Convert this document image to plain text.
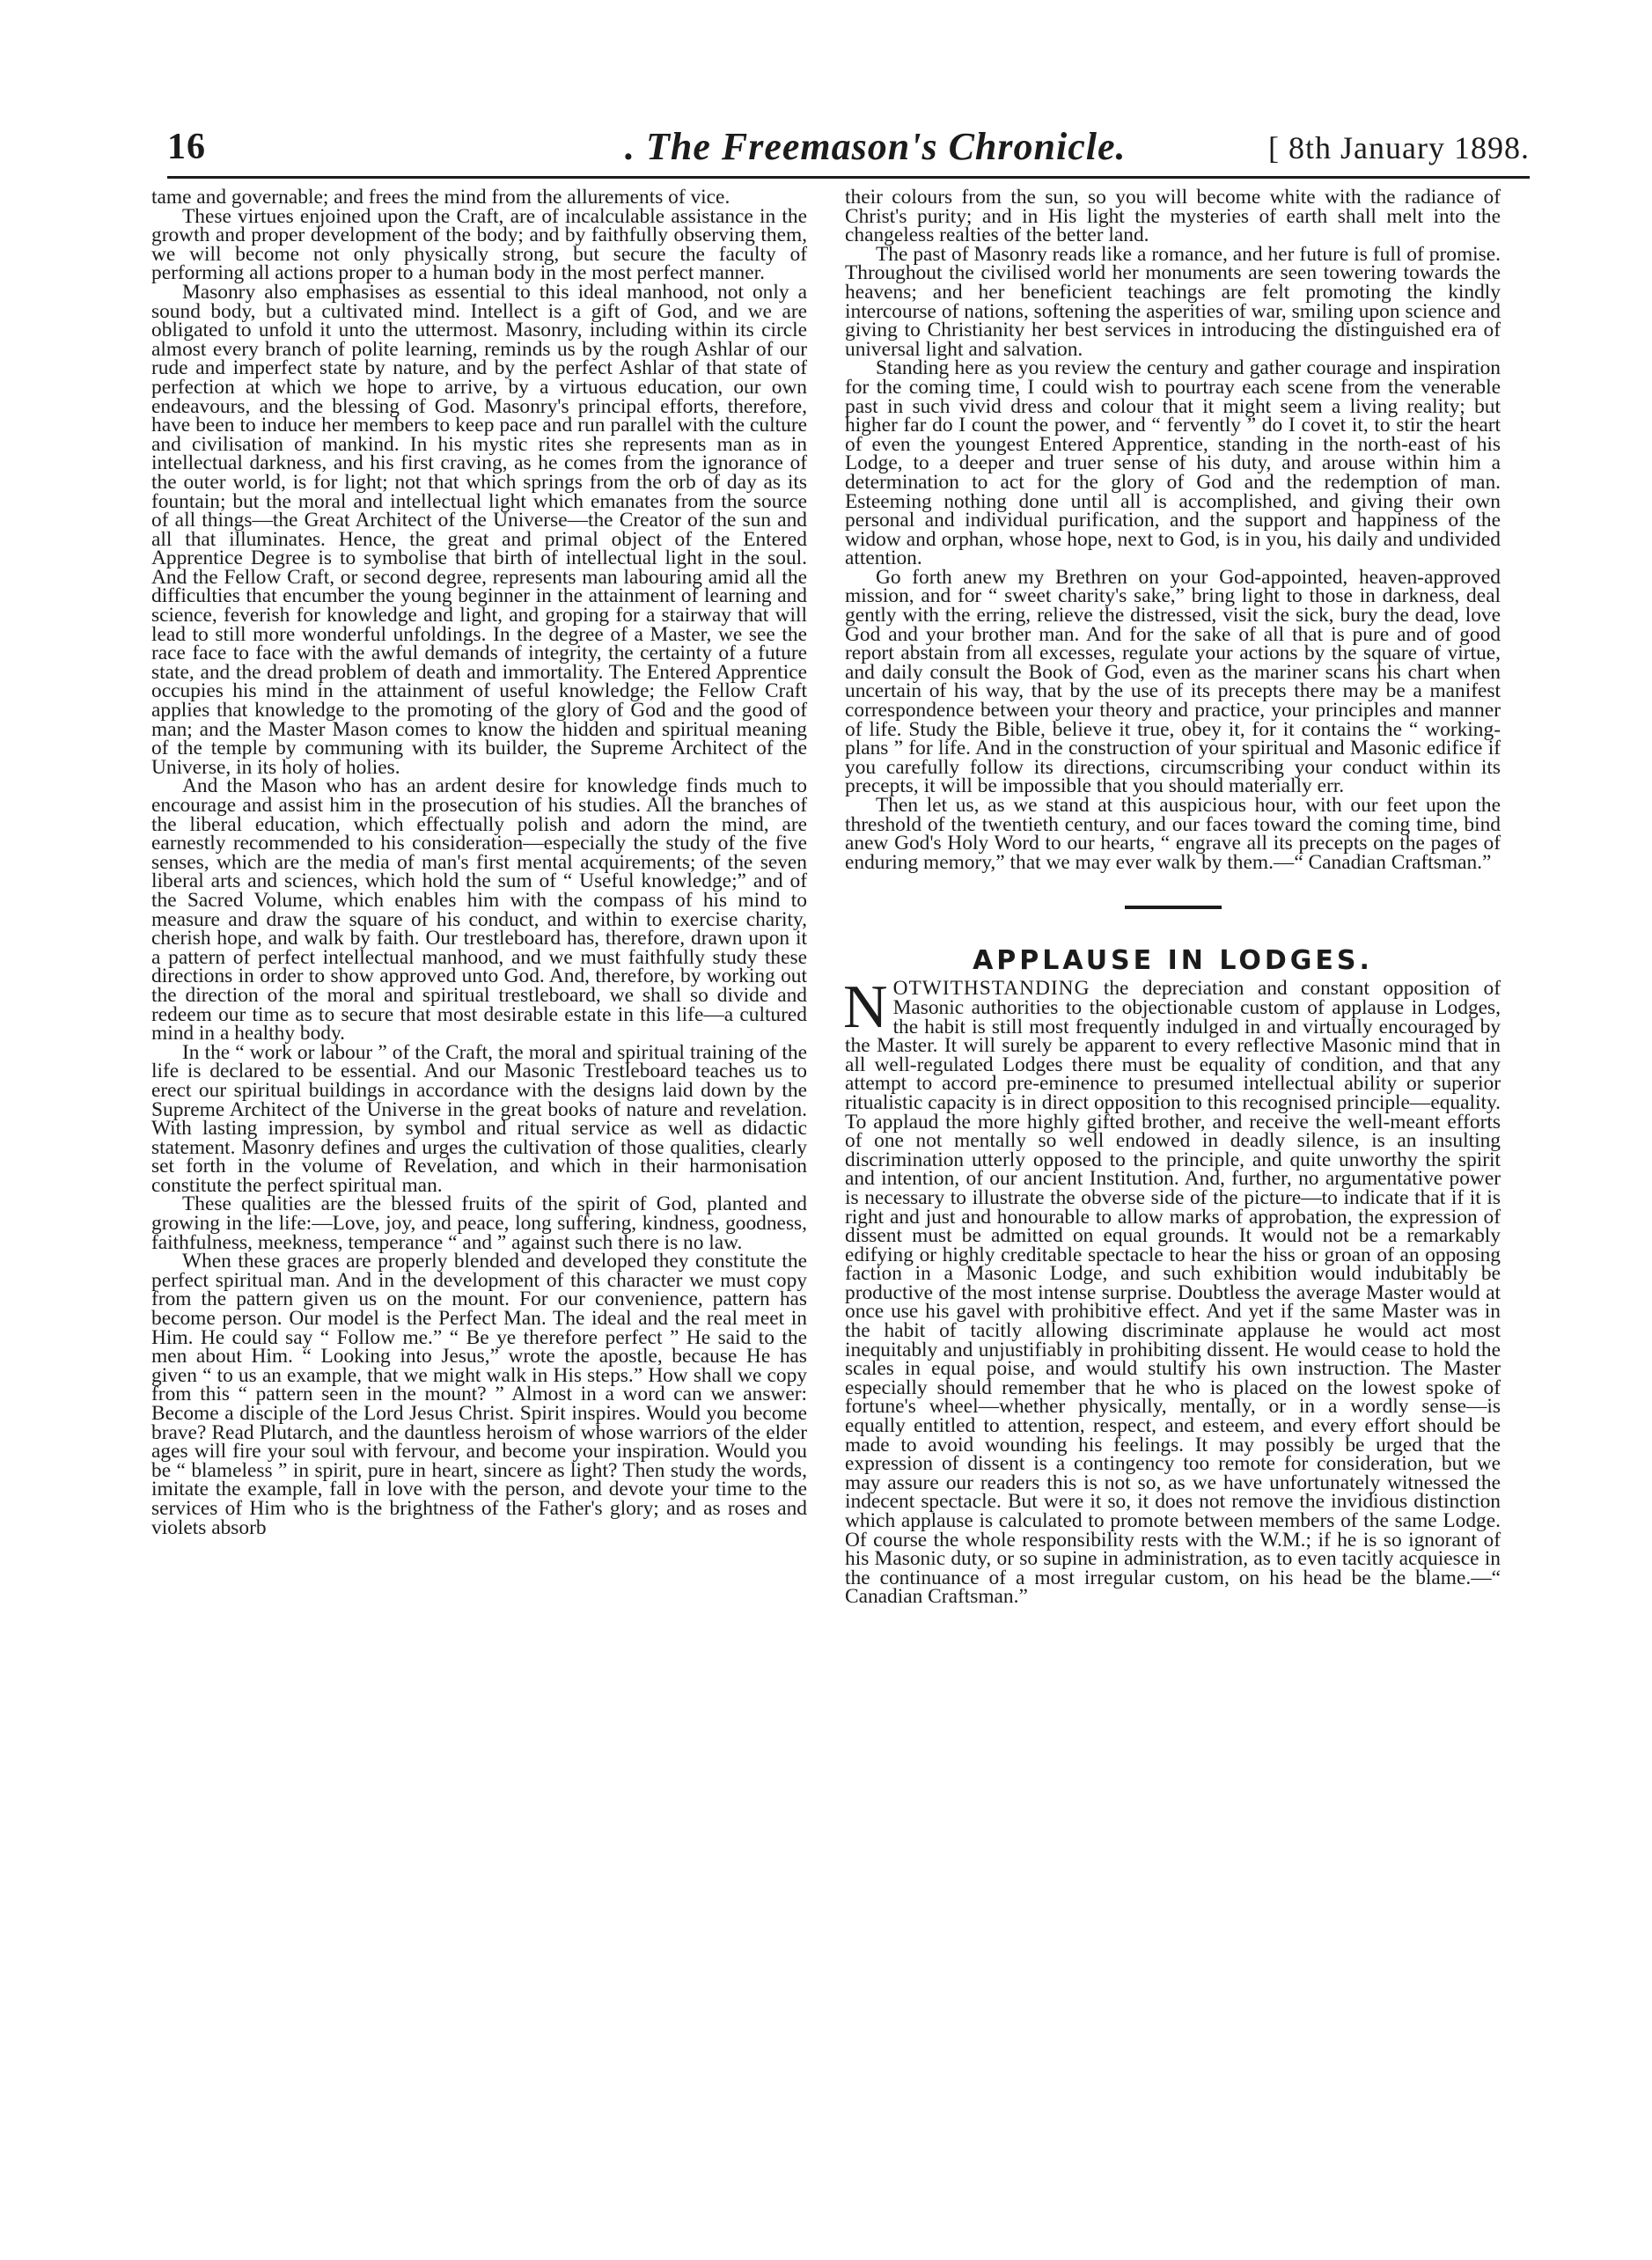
16	. The Freemason's Chronicle.	[ 8th January 1898.

tame and governable; and frees the mind from the allurements of vice.

These virtues enjoined upon the Craft, are of incalculable assistance in the growth and proper development of the body; and by faithfully observing them, we will become not only physically strong, but secure the faculty of performing all actions proper to a human body in the most perfect manner.

Masonry also emphasises as essential to this ideal manhood, not only a sound body, but a cultivated mind. Intellect is a gift of God, and we are obligated to unfold it unto the uttermost. Masonry, including within its circle almost every branch of polite learning, reminds us by the rough Ashlar of our rude and imperfect state by nature, and by the perfect Ashlar of that state of perfection at which we hope to arrive, by a virtuous education, our own endeavours, and the blessing of God. Masonry's principal efforts, therefore, have been to induce her members to keep pace and run parallel with the culture and civilisation of mankind. In his mystic rites she represents man as in intellectual darkness, and his first craving, as he comes from the ignorance of the outer world, is for light; not that which springs from the orb of day as its fountain; but the moral and intellectual light which emanates from the source of all things—the Great Architect of the Universe—the Creator of the sun and all that illuminates. Hence, the great and primal object of the Entered Apprentice Degree is to symbolise that birth of intellectual light in the soul. And the Fellow Craft, or second degree, represents man labouring amid all the difficulties that encumber the young beginner in the attainment of learning and science, feverish for knowledge and light, and groping for a stairway that will lead to still more wonderful unfoldings. In the degree of a Master, we see the race face to face with the awful demands of integrity, the certainty of a future state, and the dread problem of death and immortality. The Entered Apprentice occupies his mind in the attainment of useful knowledge; the Fellow Craft applies that knowledge to the promoting of the glory of God and the good of man; and the Master Mason comes to know the hidden and spiritual meaning of the temple by communing with its builder, the Supreme Architect of the Universe, in its holy of holies.

And the Mason who has an ardent desire for knowledge finds much to encourage and assist him in the prosecution of his studies. All the branches of the liberal education, which effectually polish and adorn the mind, are earnestly recommended to his consideration—especially the study of the five senses, which are the media of man's first mental acquirements; of the seven liberal arts and sciences, which hold the sum of “ Useful knowledge;” and of the Sacred Volume, which enables him with the compass of his mind to measure and draw the square of his conduct, and within to exercise charity, cherish hope, and walk by faith. Our trestleboard has, therefore, drawn upon it a pattern of perfect intellectual manhood, and we must faithfully study these directions in order to show approved unto God. And, therefore, by working out the direction of the moral and spiritual trestleboard, we shall so divide and redeem our time as to secure that most desirable estate in this life—a cultured mind in a healthy body.

In the “ work or labour ” of the Craft, the moral and spiritual training of the life is declared to be essential. And our Masonic Trestleboard teaches us to erect our spiritual buildings in accordance with the designs laid down by the Supreme Architect of the Universe in the great books of nature and revelation. With lasting impression, by symbol and ritual service as well as didactic statement. Masonry defines and urges the cultivation of those qualities, clearly set forth in the volume of Revelation, and which in their harmonisation constitute the perfect spiritual man.

These qualities are the blessed fruits of the spirit of God, planted and growing in the life:—Love, joy, and peace, long suffering, kindness, goodness, faithfulness, meekness, temperance “ and ” against such there is no law.

When these graces are properly blended and developed they constitute the perfect spiritual man. And in the development of this character we must copy from the pattern given us on the mount. For our convenience, pattern has become person. Our model is the Perfect Man. The ideal and the real meet in Him. He could say “ Follow me.” “ Be ye therefore perfect ” He said to the men about Him. “ Looking into Jesus,” wrote the apostle, because He has given “ to us an example, that we might walk in His steps.” How shall we copy from this “ pattern seen in the mount? ” Almost in a word can we answer: Become a disciple of the Lord Jesus Christ. Spirit inspires. Would you become brave? Read Plutarch, and the dauntless heroism of whose warriors of the elder ages will fire your soul with fervour, and become your inspiration. Would you be “ blameless ” in spirit, pure in heart, sincere as light? Then study the words, imitate the example, fall in love with the person, and devote your time to the services of Him who is the brightness of the Father's glory; and as roses and violets absorb

their colours from the sun, so you will become white with the radiance of Christ's purity; and in His light the mysteries of earth shall melt into the changeless realties of the better land.

The past of Masonry reads like a romance, and her future is full of promise. Throughout the civilised world her monuments are seen towering towards the heavens; and her beneficient teachings are felt promoting the kindly intercourse of nations, softening the asperities of war, smiling upon science and giving to Christianity her best services in introducing the distinguished era of universal light and salvation.

Standing here as you review the century and gather courage and inspiration for the coming time, I could wish to pourtray each scene from the venerable past in such vivid dress and colour that it might seem a living reality; but higher far do I count the power, and “ fervently ” do I covet it, to stir the heart of even the youngest Entered Apprentice, standing in the north-east of his Lodge, to a deeper and truer sense of his duty, and arouse within him a determination to act for the glory of God and the redemption of man. Esteeming nothing done until all is accomplished, and giving their own personal and individual purification, and the support and happiness of the widow and orphan, whose hope, next to God, is in you, his daily and undivided attention.

Go forth anew my Brethren on your God-appointed, heaven-approved mission, and for “ sweet charity's sake,” bring light to those in darkness, deal gently with the erring, relieve the distressed, visit the sick, bury the dead, love God and your brother man. And for the sake of all that is pure and of good report abstain from all excesses, regulate your actions by the square of virtue, and daily consult the Book of God, even as the mariner scans his chart when uncertain of his way, that by the use of its precepts there may be a manifest correspondence between your theory and practice, your principles and manner of life. Study the Bible, believe it true, obey it, for it contains the “ working-plans ” for life. And in the construction of your spiritual and Masonic edifice if you carefully follow its directions, circumscribing your conduct within its precepts, it will be impossible that you should materially err.

Then let us, as we stand at this auspicious hour, with our feet upon the threshold of the twentieth century, and our faces toward the coming time, bind anew God's Holy Word to our hearts, “ engrave all its precepts on the pages of enduring memory,” that we may ever walk by them.—“ Canadian Craftsman.”

APPLAUSE IN LODGES.

NOTWITHSTANDING the depreciation and constant opposition of Masonic authorities to the objectionable custom of applause in Lodges, the habit is still most frequently indulged in and virtually encouraged by the Master. It will surely be apparent to every reflective Masonic mind that in all well-regulated Lodges there must be equality of condition, and that any attempt to accord pre-eminence to presumed intellectual ability or superior ritualistic capacity is in direct opposition to this recognised principle—equality. To applaud the more highly gifted brother, and receive the well-meant efforts of one not mentally so well endowed in deadly silence, is an insulting discrimination utterly opposed to the principle, and quite unworthy the spirit and intention, of our ancient Institution. And, further, no argumentative power is necessary to illustrate the obverse side of the picture—to indicate that if it is right and just and honourable to allow marks of approbation, the expression of dissent must be admitted on equal grounds. It would not be a remarkably edifying or highly creditable spectacle to hear the hiss or groan of an opposing faction in a Masonic Lodge, and such exhibition would indubitably be productive of the most intense surprise. Doubtless the average Master would at once use his gavel with prohibitive effect. And yet if the same Master was in the habit of tacitly allowing discriminate applause he would act most inequitably and unjustifiably in prohibiting dissent. He would cease to hold the scales in equal poise, and would stultify his own instruction. The Master especially should remember that he who is placed on the lowest spoke of fortune's wheel—whether physically, mentally, or in a wordly sense—is equally entitled to attention, respect, and esteem, and every effort should be made to avoid wounding his feelings. It may possibly be urged that the expression of dissent is a contingency too remote for consideration, but we may assure our readers this is not so, as we have unfortunately witnessed the indecent spectacle. But were it so, it does not remove the invidious distinction which applause is calculated to promote between members of the same Lodge. Of course the whole responsibility rests with the W.M.; if he is so ignorant of his Masonic duty, or so supine in administration, as to even tacitly acquiesce in the continuance of a most irregular custom, on his head be the blame.—“ Canadian Craftsman.”
